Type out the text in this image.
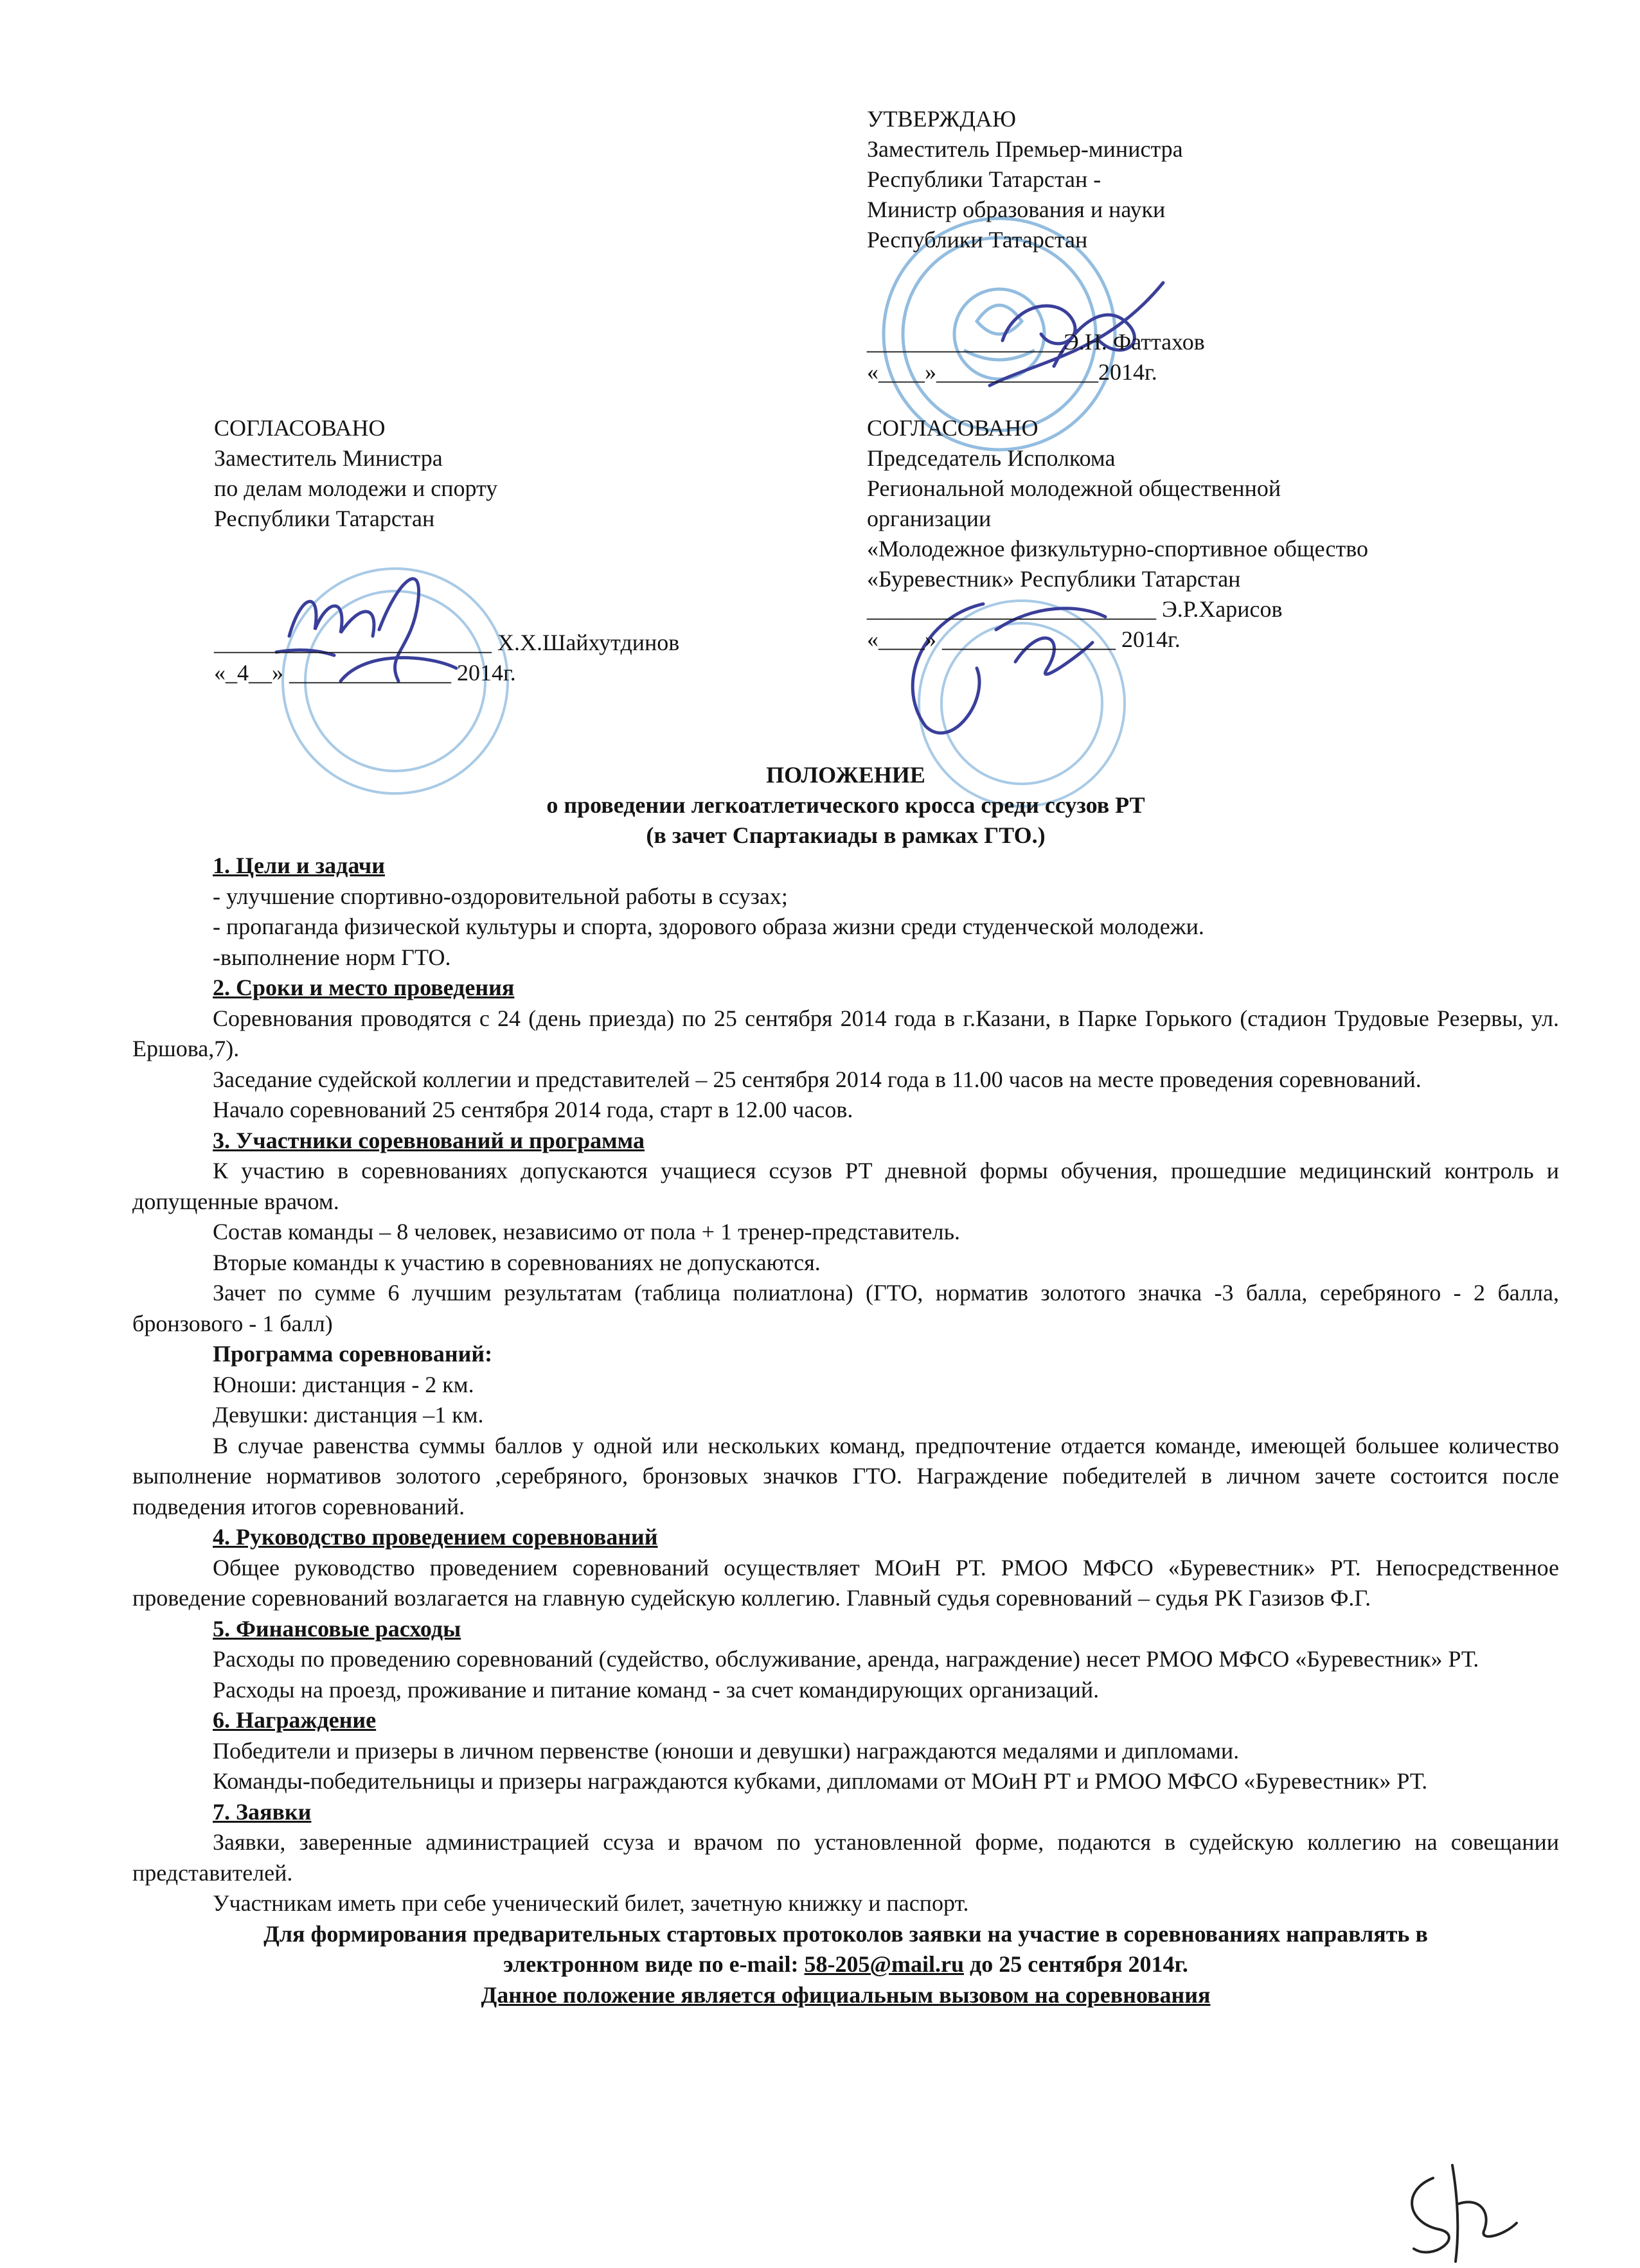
УТВЕРЖДАЮ
Заместитель Премьер-министра
Республики Татарстан -
Министр образования и науки
Республики Татарстан
_________________Э.Н. Фаттахов
«____»______________2014г.
СОГЛАСОВАНО
Заместитель Министра
по делам молодежи и спорту
Республики Татарстан
________________________ Х.Х.Шайхутдинов
«_4__» ______________ 2014г.
СОГЛАСОВАНО
Председатель Исполкома
Региональной молодежной общественной
организации
«Молодежное физкультурно-спортивное общество
«Буревестник» Республики Татарстан
_________________________ Э.Р.Харисов
«____» _______________ 2014г.
ПОЛОЖЕНИЕ
о проведении легкоатлетического кросса среди ссузов РТ
(в зачет Спартакиады в рамках ГТО.)

1. Цели и задачи

- улучшение спортивно-оздоровительной работы в ссузах;

- пропаганда физической культуры и спорта, здорового образа жизни среди студенческой молодежи.

-выполнение норм ГТО.

2. Сроки и место проведения

Соревнования проводятся с 24 (день приезда) по 25 сентября 2014 года в г.Казани, в Парке Горького (стадион Трудовые Резервы, ул. Ершова,7).

Заседание судейской коллегии и представителей – 25 сентября 2014 года в 11.00 часов на месте проведения соревнований.

Начало соревнований 25 сентября 2014 года, старт в 12.00 часов.

3. Участники соревнований и программа

К участию в соревнованиях допускаются учащиеся ссузов РТ дневной формы обучения, прошедшие медицинский контроль и допущенные врачом.

Состав команды – 8 человек, независимо от пола + 1 тренер-представитель.

Вторые команды к участию в соревнованиях не допускаются.

Зачет по сумме 6 лучшим результатам (таблица полиатлона) (ГТО, норматив золотого значка -3 балла, серебряного - 2 балла, бронзового - 1 балл)

Программа соревнований:

Юноши: дистанция - 2 км.

Девушки: дистанция –1 км.

В случае равенства суммы баллов у одной или нескольких команд, предпочтение отдается команде, имеющей большее количество выполнение нормативов золотого ,серебряного, бронзовых значков ГТО. Награждение победителей в личном зачете состоится после подведения итогов соревнований.

4. Руководство проведением соревнований

Общее руководство проведением соревнований осуществляет МОиН РТ. РМОО МФСО «Буревестник» РТ. Непосредственное проведение соревнований возлагается на главную судейскую коллегию. Главный судья соревнований – судья РК Газизов Ф.Г.

5. Финансовые расходы

Расходы по проведению соревнований (судейство, обслуживание, аренда, награждение) несет РМОО МФСО «Буревестник» РТ.

Расходы на проезд, проживание и питание команд - за счет командирующих организаций.

6. Награждение

Победители и призеры в личном первенстве (юноши и девушки) награждаются медалями и дипломами.

Команды-победительницы и призеры награждаются кубками, дипломами от МОиН РТ и РМОО МФСО «Буревестник» РТ.

7. Заявки

Заявки, заверенные администрацией ссуза и врачом по установленной форме, подаются в судейскую коллегию на совещании представителей.

Участникам иметь при себе ученический билет, зачетную книжку и паспорт.

Для формирования предварительных стартовых протоколов заявки на участие в соревнованиях направлять в

электронном виде по e-mail: 58-205@mail.ru до 25 сентября 2014г.

Данное положение является официальным вызовом на соревнования
